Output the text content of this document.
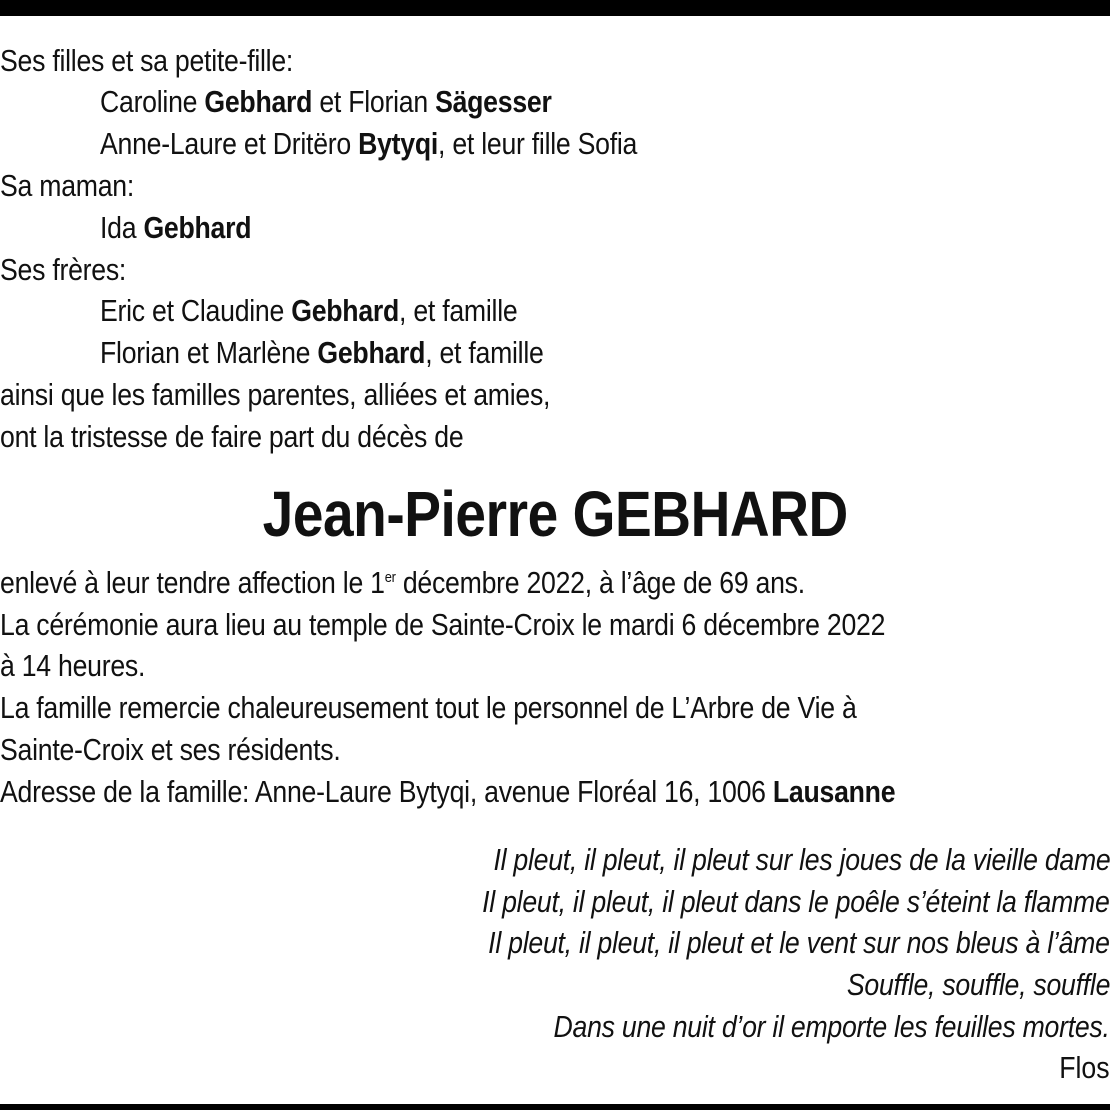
Ses filles et sa petite-fille:
Caroline Gebhard et Florian Sägesser
Anne-Laure et Dritëro Bytyqi, et leur fille Sofia
Sa maman:
Ida Gebhard
Ses frères:
Eric et Claudine Gebhard, et famille
Florian et Marlène Gebhard, et famille
ainsi que les familles parentes, alliées et amies,
ont la tristesse de faire part du décès de
Jean-Pierre GEBHARD
enlevé à leur tendre affection le 1er décembre 2022, à l’âge de 69 ans.
La cérémonie aura lieu au temple de Sainte-Croix le mardi 6 décembre 2022
à 14 heures.
La famille remercie chaleureusement tout le personnel de L’Arbre de Vie à
Sainte-Croix et ses résidents.
Adresse de la famille: Anne-Laure Bytyqi, avenue Floréal 16, 1006 Lausanne
Il pleut, il pleut, il pleut sur les joues de la vieille dame
Il pleut, il pleut, il pleut dans le poêle s’éteint la flamme
Il pleut, il pleut, il pleut et le vent sur nos bleus à l’âme
Souffle, souffle, souffle
Dans une nuit d’or il emporte les feuilles mortes.
Flos
